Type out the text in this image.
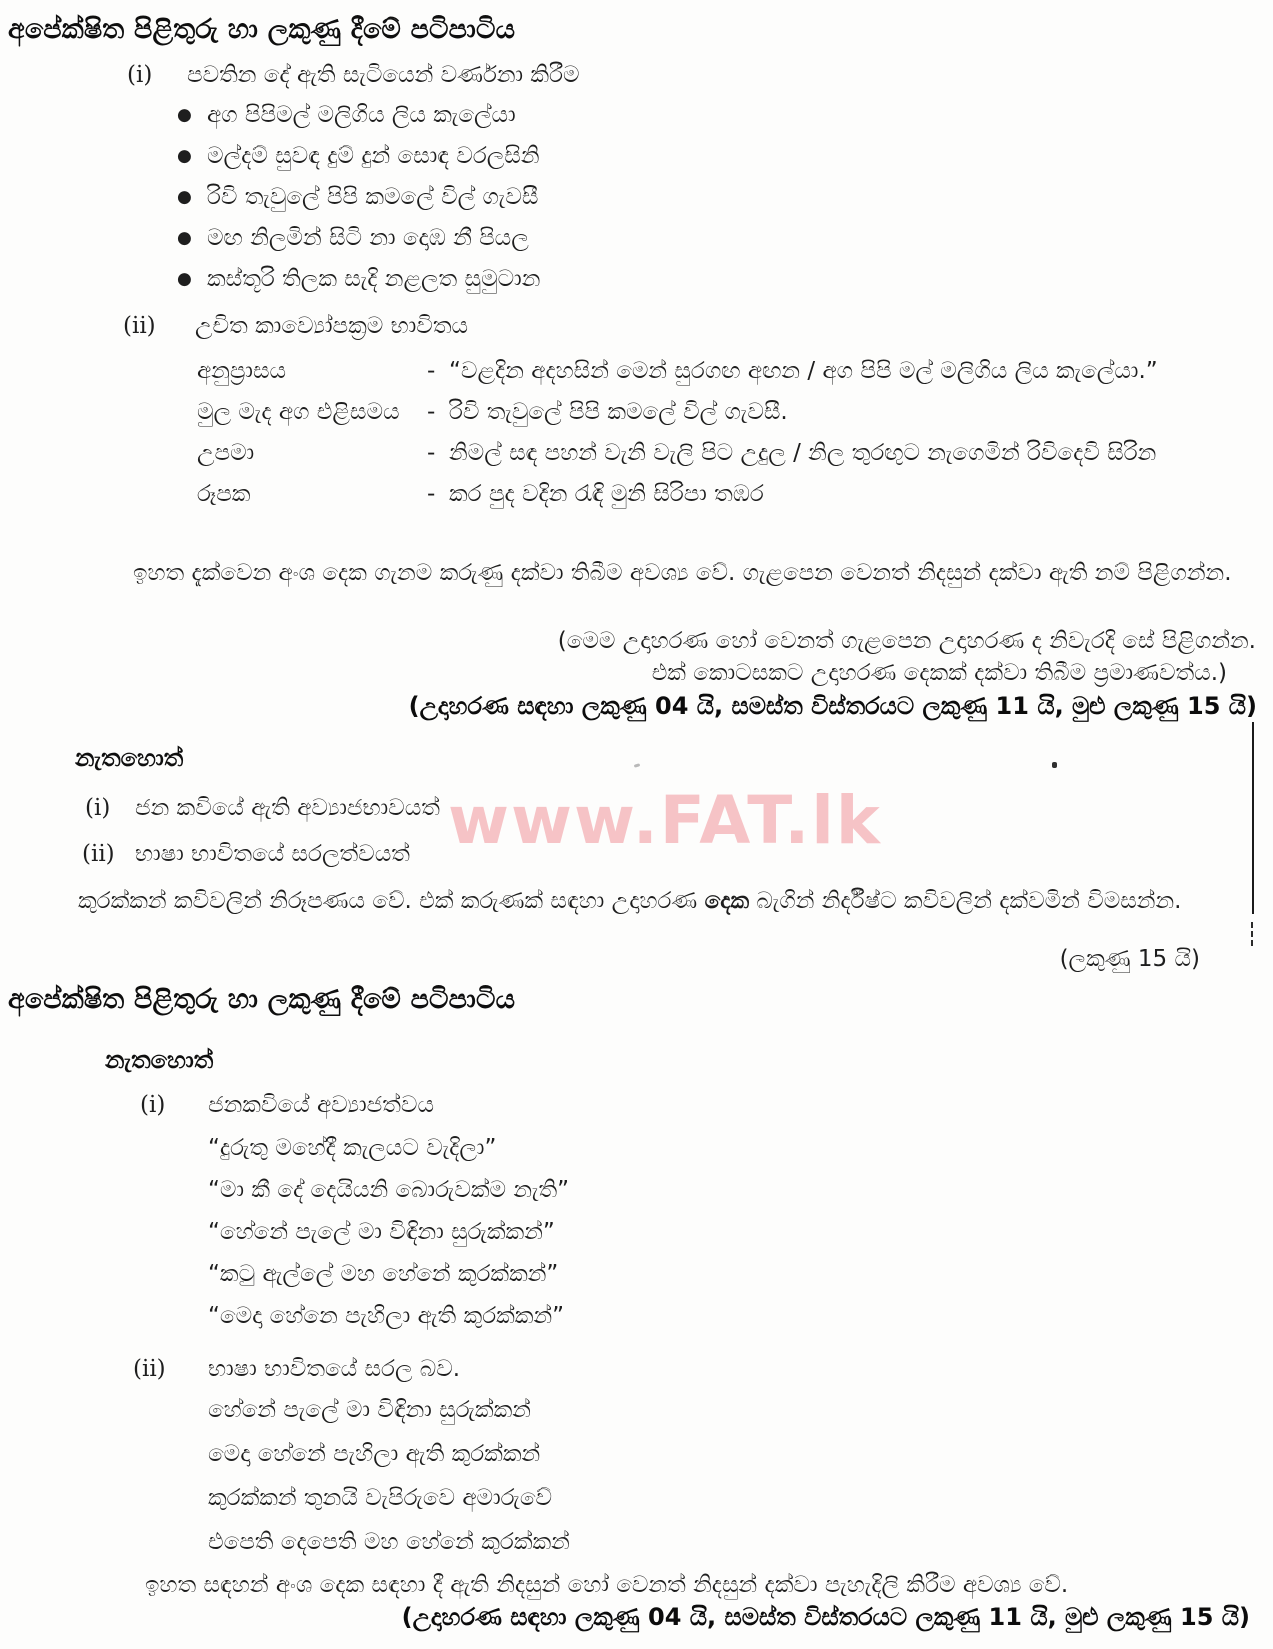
www.FAT.lk
අපේක්ෂිත පිළිතුරු හා ලකුණු දීමේ පටිපාටිය
(i)	පවතින දේ ඇති සැටියෙන් වර්ණනා කිරීම
● අග පිපිමල් මලිගිය ලිය කැලේයා
● මල්දම් සුවඳ දුම් දුන් සොඳ වරලසිනි
● රිවි තැවුලේ පිපි කමලේ විල් ගැවසී
● මඟ නිලමින් සිටි නා දොඹ නී පියල
● කස්තූරි තිලක සැදි නළලත සුමුටාන
(ii)	උචිත කාව්‍යෝපක්‍රම භාවිතය
අනුප්‍රාසය	- “වළදින අදහසින් මෙන් සුරගඟ අඟන / අග පිපි මල් මලිගිය ලිය කැලේයා.”
මුල මැද අග එළිසමය	- රිවි තැවුලේ පිපි කමලේ විල් ගැවසී.
උපමා	- නිමල් සඳ පහන් වැනි වැලි පිට උදුල / නිල තුරඟුට නැගෙමින් රිවිදෙවි සිරින
රූපක	- කර පුද වදින රැඳි මුනි සිරිපා තඹර
ඉහත දැක්වෙන අංශ දෙක ගැනම කරුණු දක්වා තිබීම අවශ්‍ය වේ. ගැළපෙන වෙනත් නිදසුන් දක්වා ඇති නම් පිළිගන්න.
(මෙම උදාහරණ හෝ වෙනත් ගැළපෙන උදාහරණ ද නිවැරදි සේ පිළිගන්න.
එක් කොටසකට උදාහරණ දෙකක් දක්වා තිබීම ප්‍රමාණවත්ය.)
(උදාහරණ සඳහා ලකුණු 04 යි, සමස්ත විස්තරයට ලකුණු 11 යි, මුළු ලකුණු 15 යි)
නැතහොත්
(i)	ජන කවියේ ඇති අව්‍යාජභාවයත්
(ii) භාෂා භාවිතයේ සරලත්වයත්
කුරක්කන් කවිවලින් නිරූපණය වේ. එක් කරුණක් සඳහා උදාහරණ දෙක බැගින් නිර්දීෂ්ට කවිවලින් දක්වමින් විමසන්න.
(ලකුණු 15 යි)
අපේක්ෂිත පිළිතුරු හා ලකුණු දීමේ පටිපාටිය
නැතහොත්
(i)	ජනකවියේ අව්‍යාජත්වය
“දුරුතු මහේදී කැලයට වැදිලා”
“මා කී දේ දෙයියනි බොරුවක්ම නැති”
“හේනේ පැලේ මා විඳිනා සුරුක්කන්”
“කටු ඇල්ලේ මහ හේනේ කුරක්කන්”
“මෙදා හේනෙ පැහිලා ඇති කුරක්කන්”
(ii)	භාෂා භාවිතයේ සරල බව.
හේනේ පැලේ මා විඳිනා සුරුක්කන්
මෙදා හේනේ පැහිලා ඇති කුරක්කන්
කුරක්කන් තුනයි වැපිරුවෙ අමාරුවේ
එපෙති දෙපෙති මහ හේනේ කුරක්කන්
ඉහත සඳහන් අංශ දෙක සඳහා දී ඇති නිදසුන් හෝ වෙනත් නිදසුන් දක්වා පැහැදිලි කිරීම අවශ්‍ය වේ.
(උදාහරණ සඳහා ලකුණු 04 යි, සමස්ත විස්තරයට ලකුණු 11 යි, මුළු ලකුණු 15 යි)
